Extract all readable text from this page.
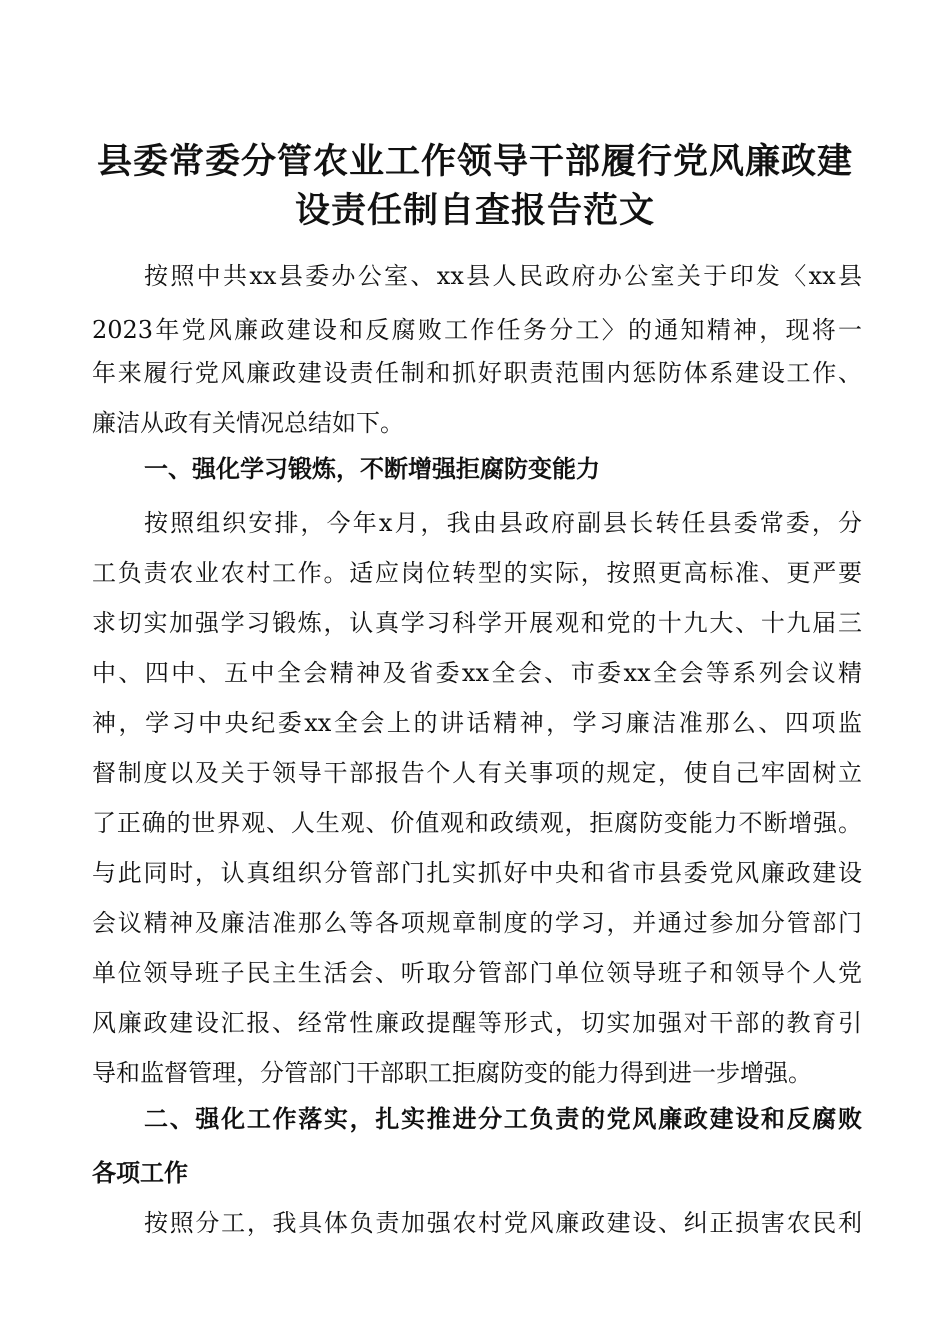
县委常委分管农业工作领导干部履行党风廉政建
设责任制自查报告范文
按照中共xx县委办公室、xx县人民政府办公室关于印发〈xx县
2023年党风廉政建设和反腐败工作任务分工〉的通知精神，现将一
年来履行党风廉政建设责任制和抓好职责范围内惩防体系建设工作、
廉洁从政有关情况总结如下。
一、强化学习锻炼，不断增强拒腐防变能力
按照组织安排，今年x月，我由县政府副县长转任县委常委，分
工负责农业农村工作。适应岗位转型的实际，按照更高标准、更严要
求切实加强学习锻炼，认真学习科学开展观和党的十九大、十九届三
中、四中、五中全会精神及省委xx全会、市委xx全会等系列会议精
神，学习中央纪委xx全会上的讲话精神，学习廉洁准那么、四项监
督制度以及关于领导干部报告个人有关事项的规定，使自己牢固树立
了正确的世界观、人生观、价值观和政绩观，拒腐防变能力不断增强。
与此同时，认真组织分管部门扎实抓好中央和省市县委党风廉政建设
会议精神及廉洁准那么等各项规章制度的学习，并通过参加分管部门
单位领导班子民主生活会、听取分管部门单位领导班子和领导个人党
风廉政建设汇报、经常性廉政提醒等形式，切实加强对干部的教育引
导和监督管理，分管部门干部职工拒腐防变的能力得到进一步增强。
二、强化工作落实，扎实推进分工负责的党风廉政建设和反腐败
各项工作
按照分工，我具体负责加强农村党风廉政建设、纠正损害农民利
